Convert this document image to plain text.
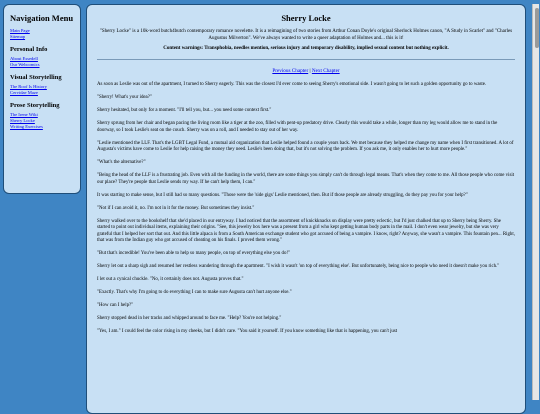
Navigation Menu
Main Page
Sitemap
Personal Info
About Essedell
Our Webcomics
Visual Storytelling
The Roof Is History
Cervidae Maze
Prose Storytelling
The Irene Wiki
Sherry Locke
Writing Exercises
Sherry Locke
"Sherry Locke" is a 10k-word butch4butch contemporary romance novelette. It is a reimagining of two stories from Arthur Conan Doyle's original Sherlock Holmes canon, "A Study in Scarlet" and "Charles Augustus Milverton". We've always wanted to write a queer adaptation of Holmes and... this is it!
Content warnings: Transphobia, needles mention, serious injury and temporary disability, implied sexual content but nothing explicit.
Previous Chapter | Next Chapter

As soon as Leslie was out of the apartment, I turned to Sherry eagerly. This was the closest I'd ever come to seeing Sherry's emotional side. I wasn't going to let such a golden opportunity go to waste.

"Sherry! What's your idea?"

Sherry hesitated, but only for a moment. "I'll tell you, but... you need some context first."

Sherry sprung from her chair and began pacing the living room like a tiger at the zoo, filled with pent-up predatory drive. Clearly this would take a while, longer than my leg would allow me to stand in the doorway, so I took Leslie's seat on the couch. Sherry was on a roll, and I needed to stay out of her way.

"Leslie mentioned the LLF. That's the LGBT Legal Fund, a mutual aid organization that Leslie helped found a couple years back. We met because they helped me change my name when I first transitioned. A lot of Augusta's victims have come to Leslie for help raising the money they need. Leslie's been doing that, but it's not solving the problem. If you ask me, it only enables her to hurt more people."

"What's the alternative?"

"Being the head of the LLF is a frustrating job. Even with all the funding in the world, there are some things you simply can't do through legal means. That's when they come to me. All those people who come visit our place? They're people that Leslie sends my way. If he can't help them, I can."

It was starting to make sense, but I still had so many questions. "Those were the 'side gigs' Leslie mentioned, then. But if those people are already struggling, do they pay you for your help?"

"Not if I can avoid it, no. I'm not in it for the money. But sometimes they insist."

Sherry walked over to the bookshelf that she'd placed in our entryway. I had noticed that the assortment of knickknacks on display were pretty eclectic, but I'd just chalked that up to Sherry being Sherry. She started to point out individual items, explaining their origins. "See, this jewelry box here was a present from a girl who kept getting human body parts in the mail. I don't even wear jewelry, but she was very grateful that I helped her sort that out. And this little alpaca is from a South American exchange student who got accused of being a vampire. I know, right? Anyway, she wasn't a vampire. This fountain pen... Right, that was from the Indian guy who got accused of cheating on his finals. I proved them wrong."

"But that's incredible! You've been able to help so many people, on top of everything else you do!"

Sherry let out a sharp sigh and resumed her restless wandering through the apartment. "I wish it wasn't 'on top of everything else'. But unfortunately, being nice to people who need it doesn't make you rich."

I let out a cynical chuckle. "No, it certainly does not. Augusta proves that."

"Exactly. That's why I'm going to do everything I can to make sure Augusta can't hurt anyone else."

"How can I help?"

Sherry stopped dead in her tracks and whipped around to face me. "Help? You're not helping."

"Yes, I am." I could feel the color rising in my cheeks, but I didn't care. "You said it yourself. If you know something like that is happening, you can't just
